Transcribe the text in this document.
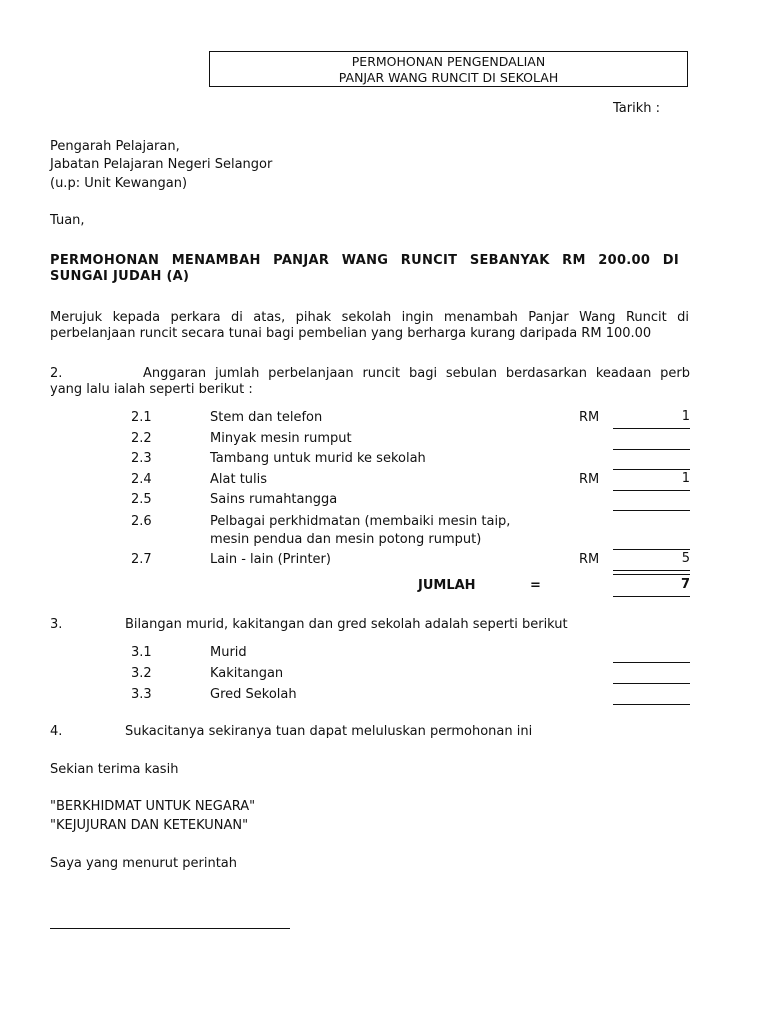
PERMOHONAN PENGENDALIAN
PANJAR WANG RUNCIT DI SEKOLAH
Tarikh :
Pengarah Pelajaran,
Jabatan Pelajaran Negeri Selangor
(u.p: Unit Kewangan)
Tuan,
PERMOHONAN MENAMBAH PANJAR WANG RUNCIT SEBANYAK RM 200.00 DI
SUNGAI JUDAH (A)
Merujuk kepada perkara di atas, pihak sekolah ingin menambah Panjar Wang Runcit di
perbelanjaan runcit secara tunai bagi pembelian yang berharga kurang daripada RM 100.00
2.	Anggaran jumlah perbelanjaan runcit bagi sebulan berdasarkan keadaan perb
yang lalu ialah seperti berikut :
2.1	Stem dan telefon	RM	1
2.2	Minyak mesin rumput
2.3	Tambang untuk murid ke sekolah
2.4	Alat tulis	RM	1
2.5	Sains rumahtangga
2.6	Pelbagai perkhidmatan (membaiki mesin taip,
mesin pendua dan mesin potong rumput)
2.7	Lain - lain (Printer)	RM	5
JUMLAH	=	7
3.	Bilangan murid, kakitangan dan gred sekolah adalah seperti berikut
3.1	Murid
3.2	Kakitangan
3.3	Gred Sekolah
4.	Sukacitanya sekiranya tuan dapat meluluskan permohonan ini
Sekian terima kasih
"BERKHIDMAT UNTUK NEGARA"
"KEJUJURAN DAN KETEKUNAN"
Saya yang menurut perintah
